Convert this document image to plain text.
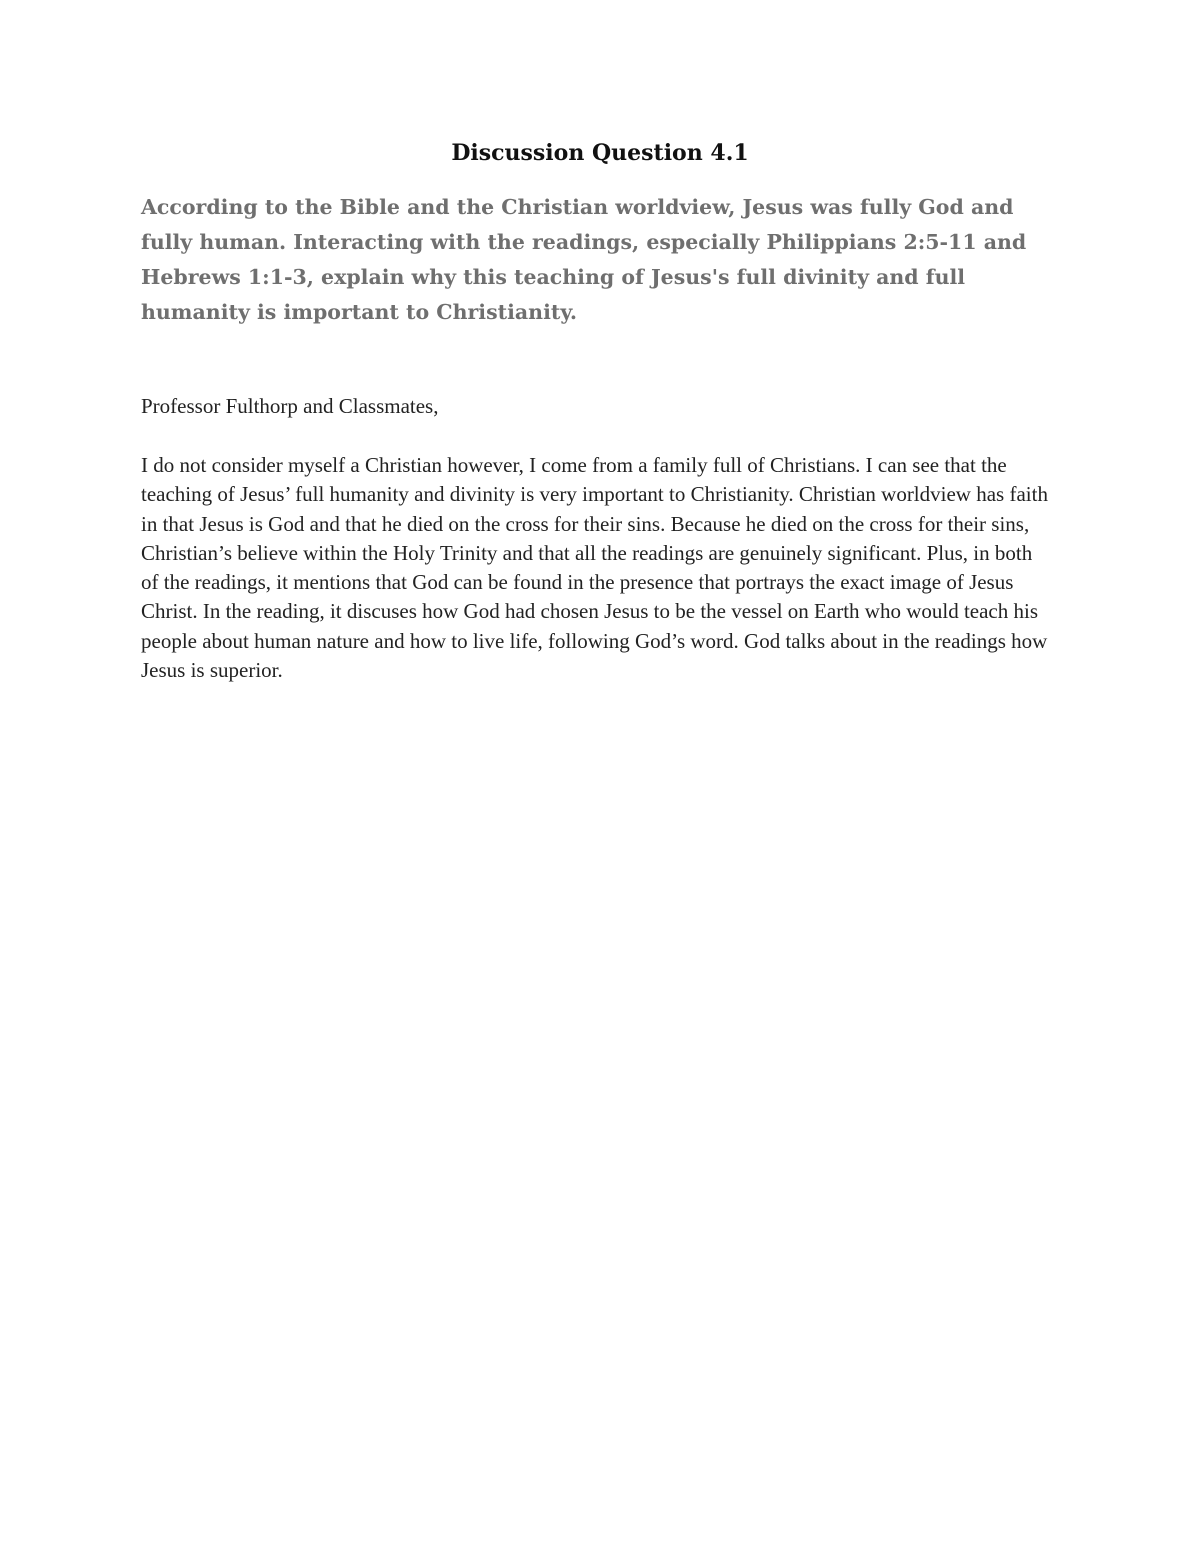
Discussion Question 4.1

According to the Bible and the Christian worldview, Jesus was fully God and fully human. Interacting with the readings, especially Philippians 2:5-11 and Hebrews 1:1-3, explain why this teaching of Jesus's full divinity and full humanity is important to Christianity.

Professor Fulthorp and Classmates,

I do not consider myself a Christian however, I come from a family full of Christians. I can see that the teaching of Jesus’ full humanity and divinity is very important to Christianity. Christian worldview has faith in that Jesus is God and that he died on the cross for their sins. Because he died on the cross for their sins, Christian’s believe within the Holy Trinity and that all the readings are genuinely significant. Plus, in both of the readings, it mentions that God can be found in the presence that portrays the exact image of Jesus Christ. In the reading, it discuses how God had chosen Jesus to be the vessel on Earth who would teach his people about human nature and how to live life, following God’s word. God talks about in the readings how Jesus is superior.
